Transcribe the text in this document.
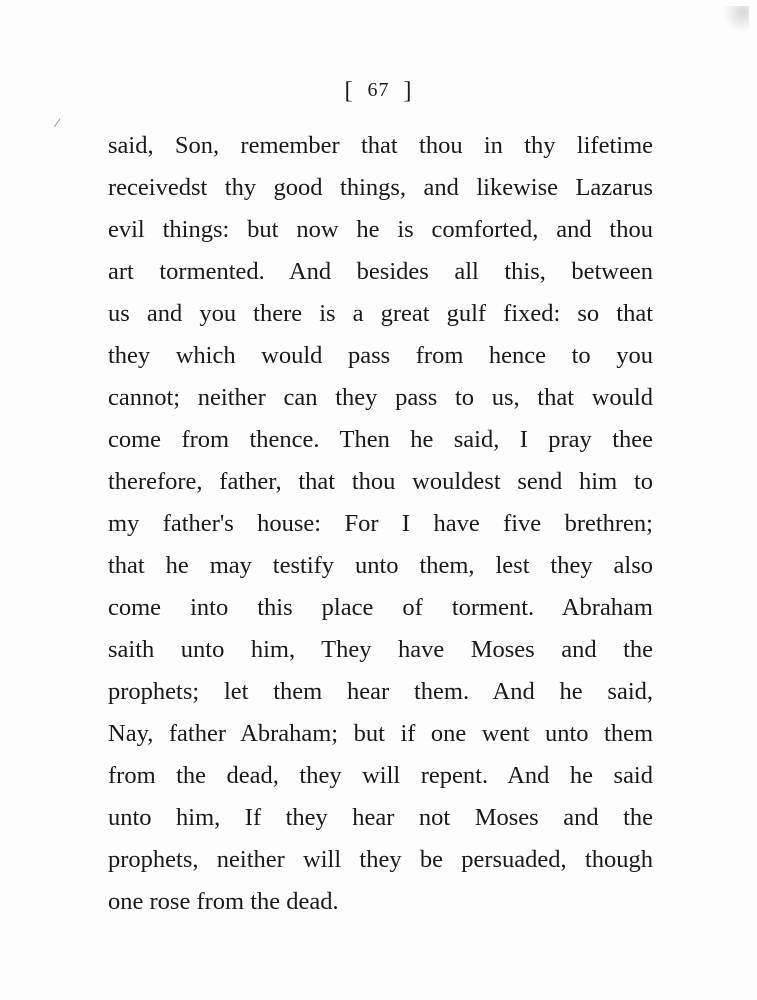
[ 67 ]
said, Son, remember that thou in thy lifetime
receivedst thy good things, and likewise Lazarus
evil things: but now he is comforted, and thou
art tormented. And besides all this, between
us and you there is a great gulf fixed: so that
they which would pass from hence to you
cannot; neither can they pass to us, that would
come from thence. Then he said, I pray thee
therefore, father, that thou wouldest send him to
my father's house: For I have five brethren;
that he may testify unto them, lest they also
come into this place of torment. Abraham
saith unto him, They have Moses and the
prophets; let them hear them. And he said,
Nay, father Abraham; but if one went unto them
from the dead, they will repent. And he said
unto him, If they hear not Moses and the
prophets, neither will they be persuaded, though
one rose from the dead.
